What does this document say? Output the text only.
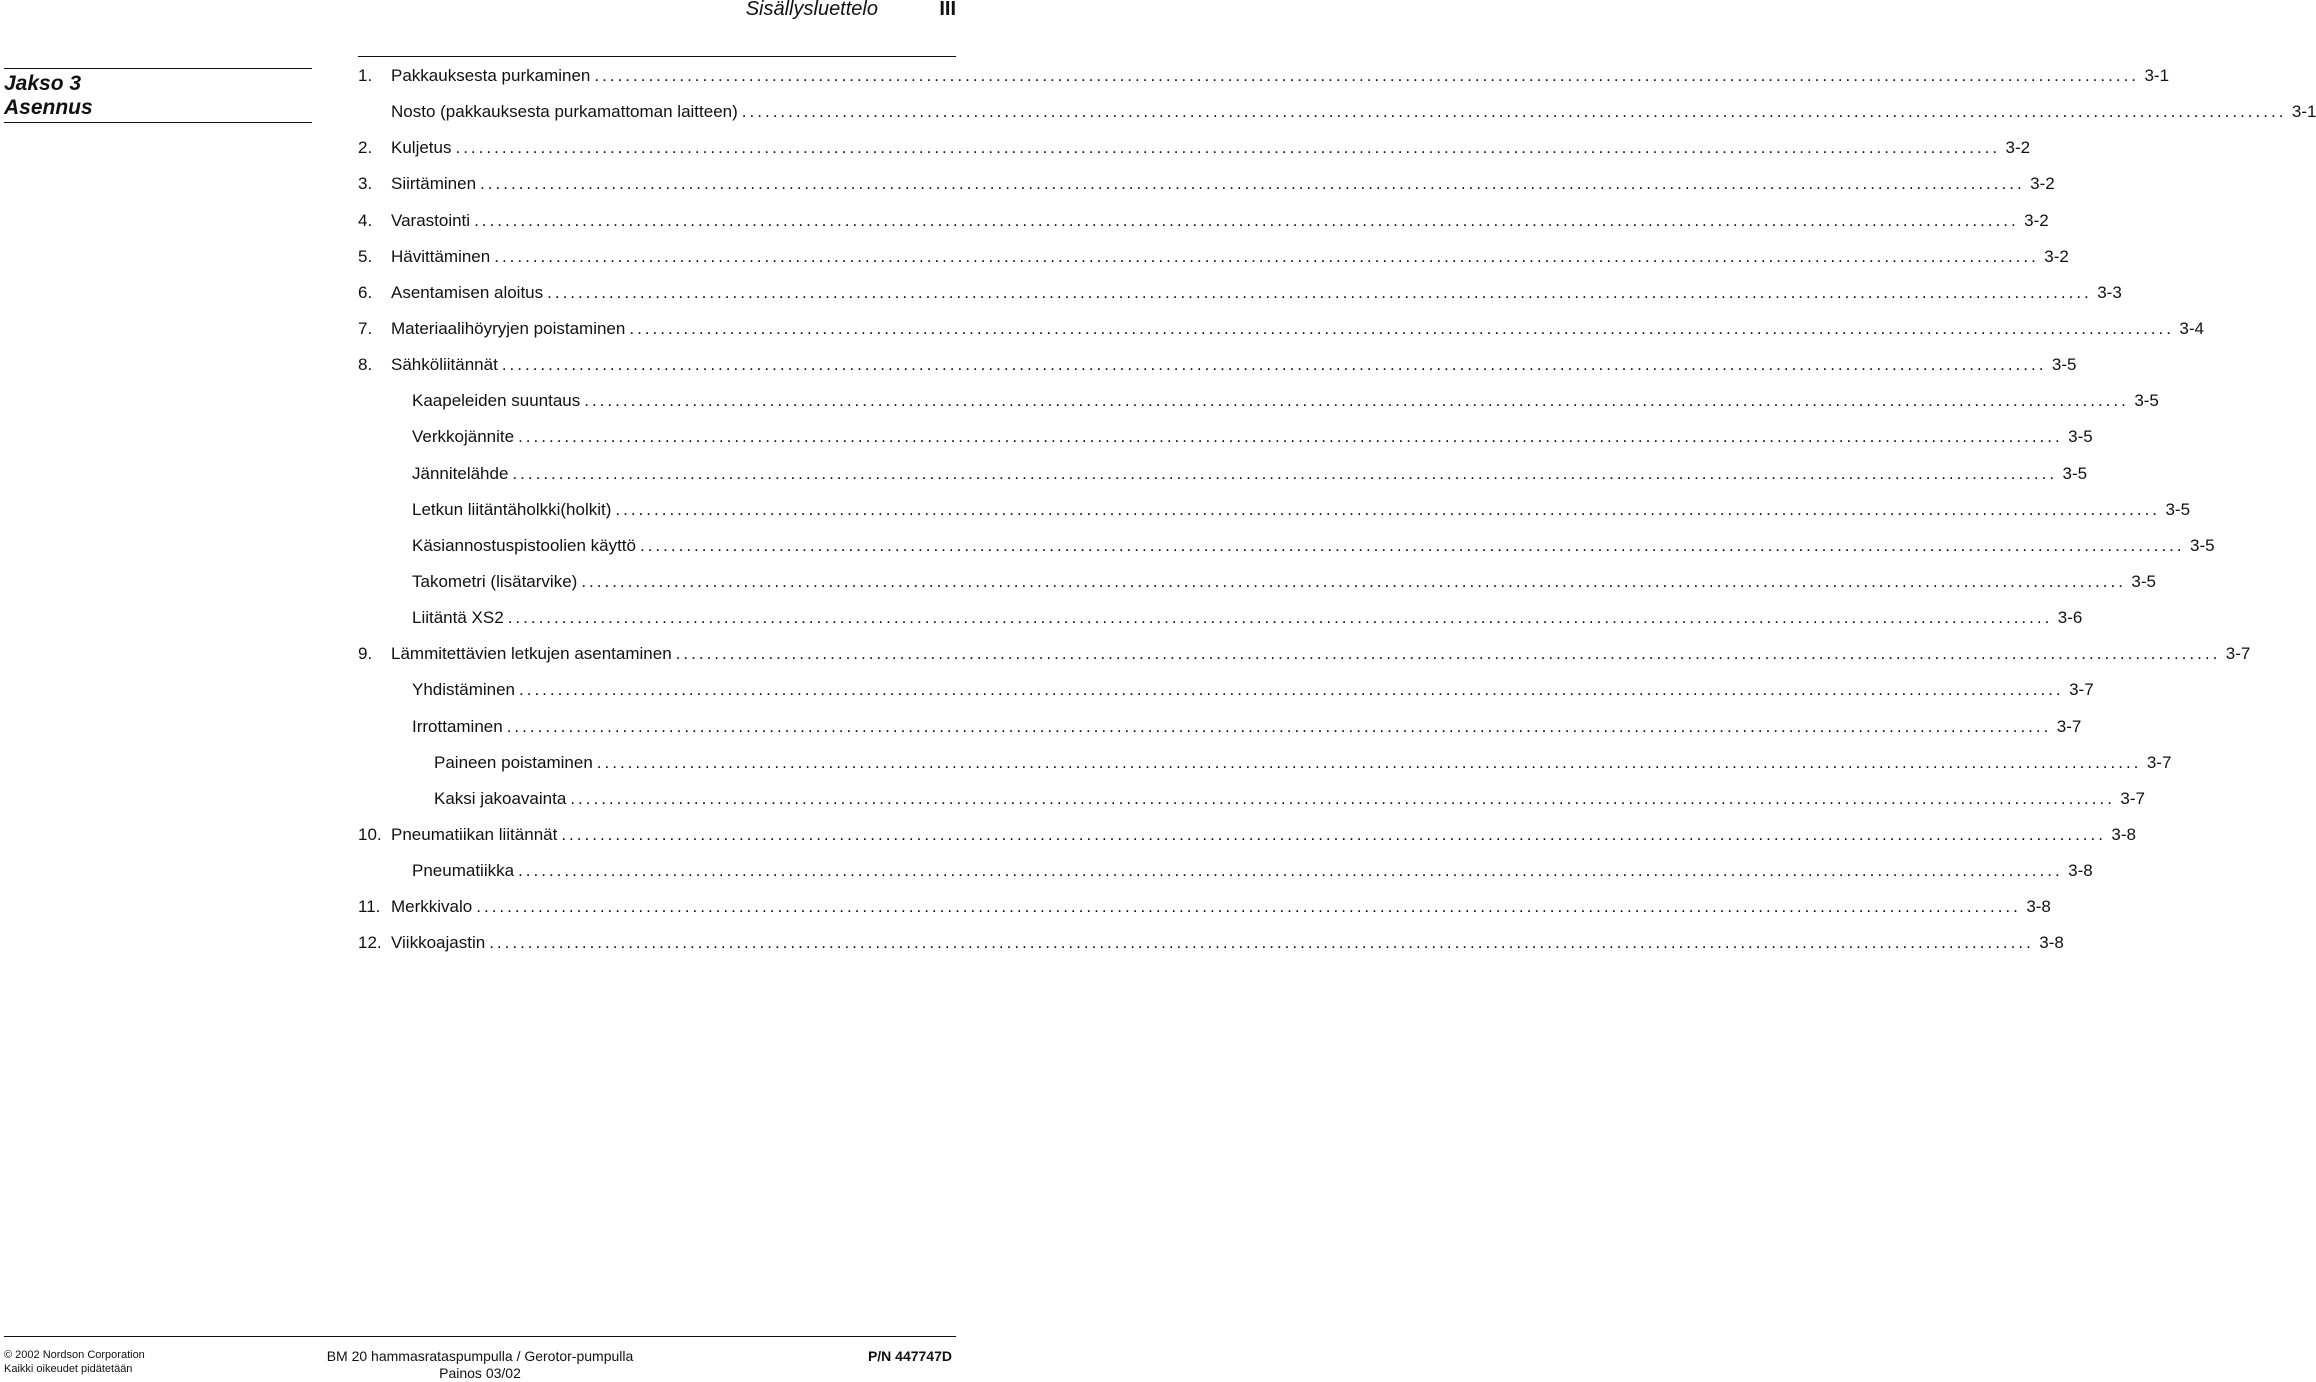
Sisällysluettelo	III
Jakso 3
Asennus
1.	Pakkauksesta purkaminen ........................................................................................................................................................................................................ 3-1
Nosto (pakkauksesta purkamattoman laitteen) ........................................................................................................................................................................................................ 3-1
2.	Kuljetus ........................................................................................................................................................................................................ 3-2
3.	Siirtäminen ........................................................................................................................................................................................................ 3-2
4.	Varastointi ........................................................................................................................................................................................................ 3-2
5.	Hävittäminen ........................................................................................................................................................................................................ 3-2
6.	Asentamisen aloitus ........................................................................................................................................................................................................ 3-3
7.	Materiaalihöyryjen poistaminen ........................................................................................................................................................................................................ 3-4
8.	Sähköliitännät ........................................................................................................................................................................................................ 3-5
Kaapeleiden suuntaus ........................................................................................................................................................................................................ 3-5
Verkkojännite ........................................................................................................................................................................................................ 3-5
Jännitelähde ........................................................................................................................................................................................................ 3-5
Letkun liitäntäholkki(holkit) ........................................................................................................................................................................................................ 3-5
Käsiannostuspistoolien käyttö ........................................................................................................................................................................................................ 3-5
Takometri (lisätarvike) ........................................................................................................................................................................................................ 3-5
Liitäntä XS2 ........................................................................................................................................................................................................ 3-6
9.	Lämmitettävien letkujen asentaminen ........................................................................................................................................................................................................ 3-7
Yhdistäminen ........................................................................................................................................................................................................ 3-7
Irrottaminen ........................................................................................................................................................................................................ 3-7
Paineen poistaminen ........................................................................................................................................................................................................ 3-7
Kaksi jakoavainta ........................................................................................................................................................................................................ 3-7
10. Pneumatiikan liitännät ........................................................................................................................................................................................................ 3-8
Pneumatiikka ........................................................................................................................................................................................................ 3-8
11. Merkkivalo ........................................................................................................................................................................................................ 3-8
12. Viikkoajastin ........................................................................................................................................................................................................ 3-8
© 2002 Nordson Corporation
Kaikki oikeudet pidätetään
BM 20 hammasrataspumpulla / Gerotor-pumpulla
Painos 03/02
P/N 447747D
